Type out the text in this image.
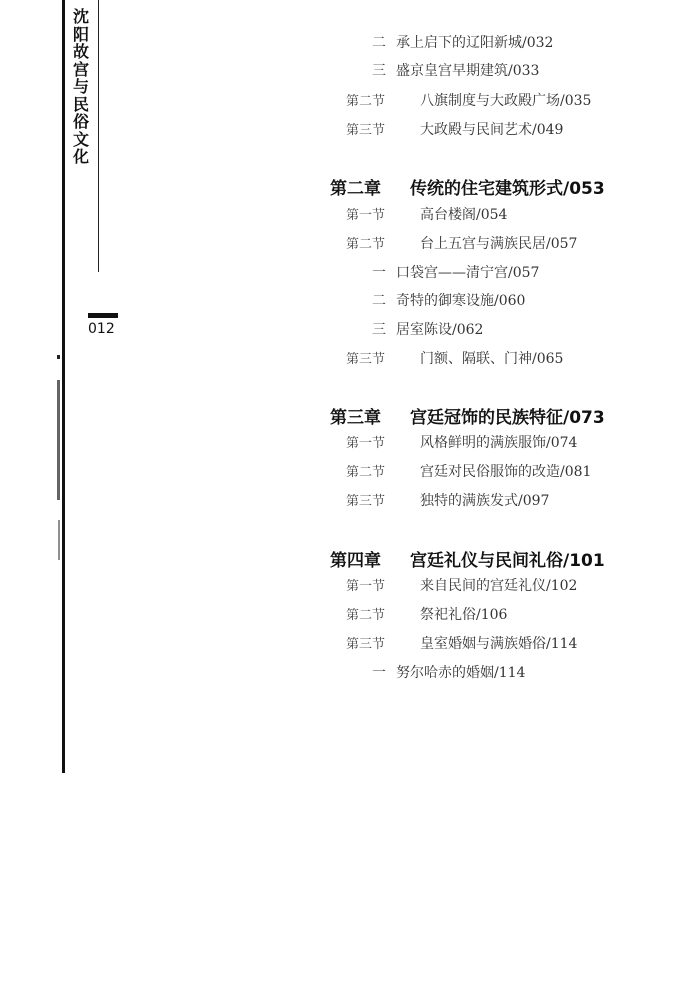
沈阳故宫与民俗文化
012
二 承上启下的辽阳新城/032
三 盛京皇宫早期建筑/033
第二节 八旗制度与大政殿广场/035
第三节 大政殿与民间艺术/049
第二章 传统的住宅建筑形式/053
第一节 高台楼阁/054
第二节 台上五宫与满族民居/057
一 口袋宫——清宁宫/057
二 奇特的御寒设施/060
三 居室陈设/062
第三节 门额、隔联、门神/065
第三章 宫廷冠饰的民族特征/073
第一节 风格鲜明的满族服饰/074
第二节 宫廷对民俗服饰的改造/081
第三节 独特的满族发式/097
第四章 宫廷礼仪与民间礼俗/101
第一节 来自民间的宫廷礼仪/102
第二节 祭祀礼俗/106
第三节 皇室婚姻与满族婚俗/114
一 努尔哈赤的婚姻/114
